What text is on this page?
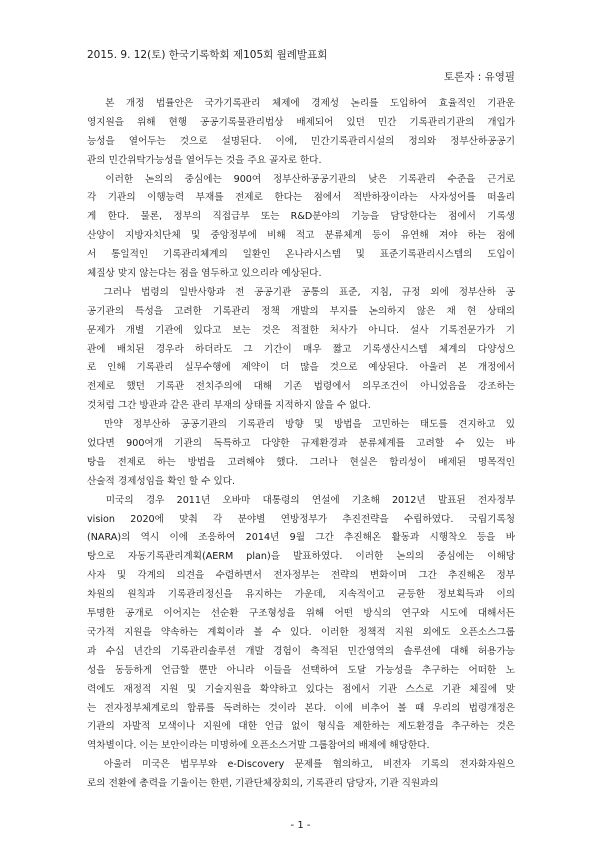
2015. 9. 12(토) 한국기록학회 제105회 월례발표회
토론자 : 유영필
　본 개정 법률안은 국가기록관리 체제에 경제성 논리를 도입하여 효율적인 기관운
영지원을 위해 현행 공공기록물관리법상 배제되어 있던 민간 기록관리기관의 개입가
능성을 열어두는 것으로 설명된다. 이에, 민간기록관리시설의 정의와 정부산하공공기
관의 민간위탁가능성을 열어두는 것을 주요 골자로 한다.
　이러한 논의의 중심에는 900여 정부산하공공기관의 낮은 기록관리 수준을 근거로
각 기관의 이행능력 부재를 전제로 한다는 점에서 적반하장이라는 사자성어를 떠올리
게 한다. 물론, 정부의 직접급부 또는 R&D분야의 기능을 담당한다는 점에서 기록생
산양이 지방자치단체 및 중앙정부에 비해 적고 분류체계 등이 유연해 져야 하는 점에
서 통일적인 기록관리체계의 일환인 온나라시스템 및 표준기록관리시스템의 도입이
체질상 맞지 않는다는 점을 염두하고 있으리라 예상된다.
　그러나 법령의 일반사항과 전 공공기관 공통의 표준, 지침, 규정 외에 정부산하 공
공기관의 특성을 고려한 기록관리 정책 개발의 부지를 논의하지 않은 채 현 상태의
문제가 개별 기관에 있다고 보는 것은 적절한 처사가 아니다. 설사 기록전문가가 기
관에 배치된 경우라 하더라도 그 기간이 매우 짧고 기록생산시스템 체계의 다양성으
로 인해 기록관리 실무수행에 제약이 더 많을 것으로 예상된다. 아울러 본 개정에서
전제로 했던 기록관 전치주의에 대해 기존 법령에서 의무조건이 아니었음을 강조하는
것처럼 그간 방관과 같은 관리 부재의 상태를 지적하지 않을 수 없다.
　만약 정부산하 공공기관의 기록관리 방향 및 방법을 고민하는 태도를 견지하고 있
었다면 900여개 기관의 독특하고 다양한 규제환경과 분류체계를 고려할 수 있는 바
탕을 전제로 하는 방법을 고려해야 했다. 그러나 현실은 합리성이 배제된 명목적인
산술적 경제성임을 확인 할 수 있다.
　미국의 경우 2011년 오바마 대통령의 연설에 기초해 2012년 발표된 전자정부
vision 2020에 맞춰 각 분야별 연방정부가 추진전략을 수립하였다. 국립기록청
(NARA)의 역시 이에 조응하여 2014년 9월 그간 추진해온 활동과 시행착오 등을 바
탕으로 자동기록관리계획(AERM plan)을 발표하였다. 이러한 논의의 중심에는 이해당
사자 및 각계의 의견을 수렴하면서 전자정부는 전략의 변화이며 그간 추진해온 정부
차원의 원칙과 기록관리정신을 유지하는 가운데, 지속적이고 균등한 정보획득과 이의
투명한 공개로 이어지는 선순환 구조형성을 위해 어떤 방식의 연구와 시도에 대해서든
국가적 지원을 약속하는 계획이라 볼 수 있다. 이러한 정책적 지원 외에도 오픈소스그룹
과 수십 년간의 기록관리솔루션 개발 경험이 축적된 민간영역의 솔루션에 대해 허용가능
성을 동등하게 언급할 뿐만 아니라 이들을 선택하여 도달 가능성을 추구하는 어떠한 노
력에도 재정적 지원 및 기술지원을 확약하고 있다는 점에서 기관 스스로 기관 체질에 맞
는 전자정부체계로의 합류를 독려하는 것이라 본다. 이에 비추어 볼 때 우리의 법령개정은
기관의 자발적 모색이나 지원에 대한 언급 없이 형식을 제한하는 제도환경을 추구하는 것은
역차별이다. 이는 보안이라는 미명하에 오픈소스거발 그룹참여의 배제에 해당한다.
　아울러 미국은 법무부와 e-Discovery 문제를 협의하고, 비전자 기록의 전자화자원으
로의 전환에 총력을 기울이는 한편, 기관단체장회의, 기록관리 담당자, 기관 직원과의
- 1 -
